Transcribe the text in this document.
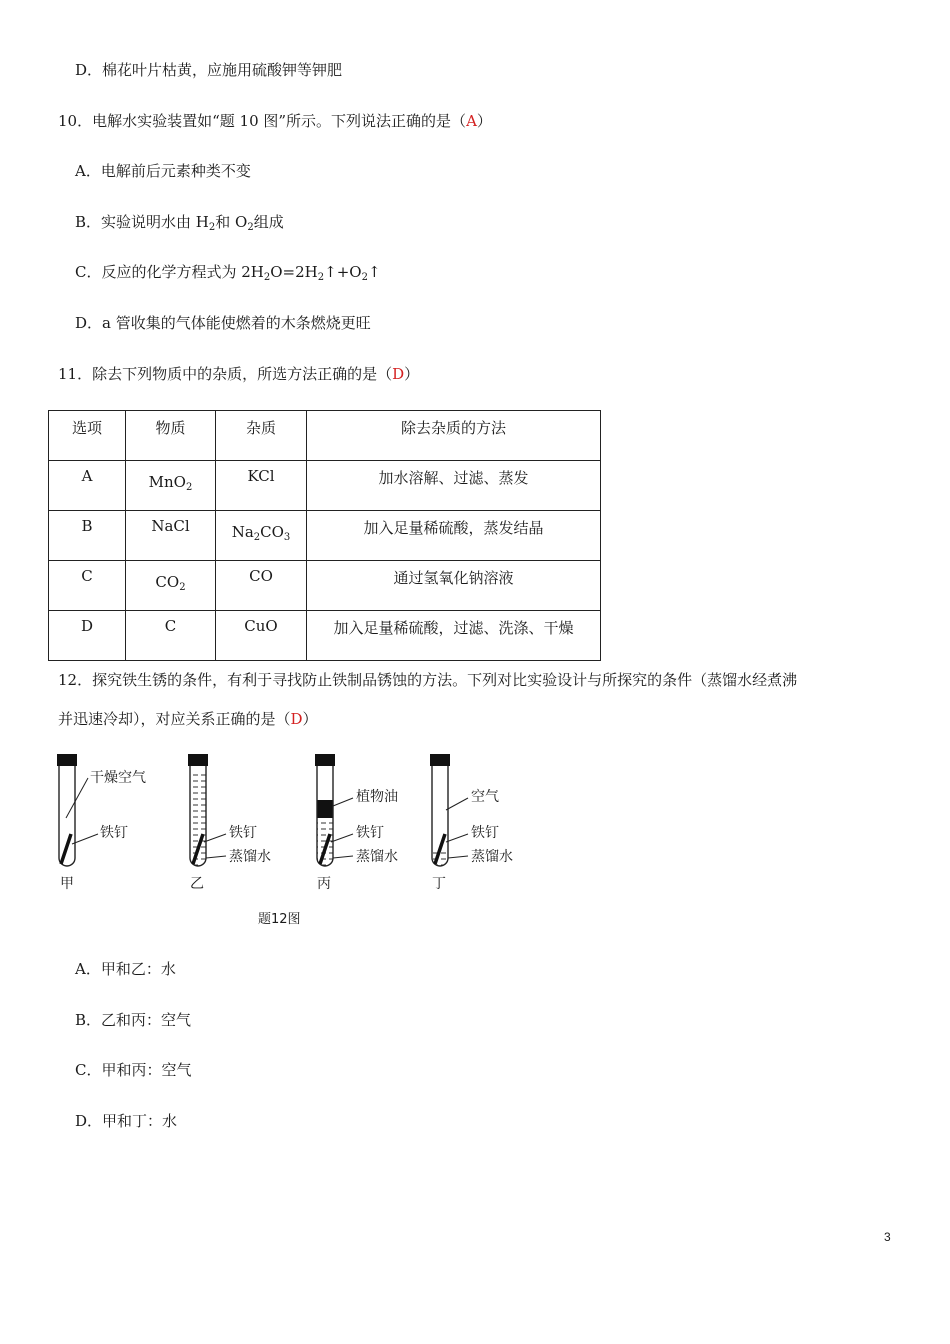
D．棉花叶片枯黄，应施用硫酸钾等钾肥
10．电解水实验装置如“题 10 图”所示。下列说法正确的是（A）
A．电解前后元素种类不变
B．实验说明水由 $H_2$和 $O_2$组成
C．反应的化学方程式为 $2H_2O=2H_2↑+O_2↑$
D．a 管收集的气体能使燃着的木条燃烧更旺
11．除去下列物质中的杂质，所选方法正确的是（D）
选项	物质	杂质	除去杂质的方法
A	MnO$_2$	KCl	加水溶解、过滤、蒸发
B	NaCl	$Na_2CO_3$	加入足量稀硫酸，蒸发结晶
C	$CO_2$	CO	通过氢氧化钠溶液
D	C	CuO	加入足量稀硫酸，过滤、洗涤、干燥
12．探究铁生锈的条件，有利于寻找防止铁制品锈蚀的方法。下列对比实验设计与所探究的条件（蒸馏水经煮沸
并迅速冷却），对应关系正确的是（D）
干燥空气
铁钉
甲
铁钉
蒸馏水
乙
植物油
铁钉
蒸馏水
丙
空气
铁钉
蒸馏水
丁
题12图
A．甲和乙：水
B．乙和丙：空气
C．甲和丙：空气
D．甲和丁：水
3
